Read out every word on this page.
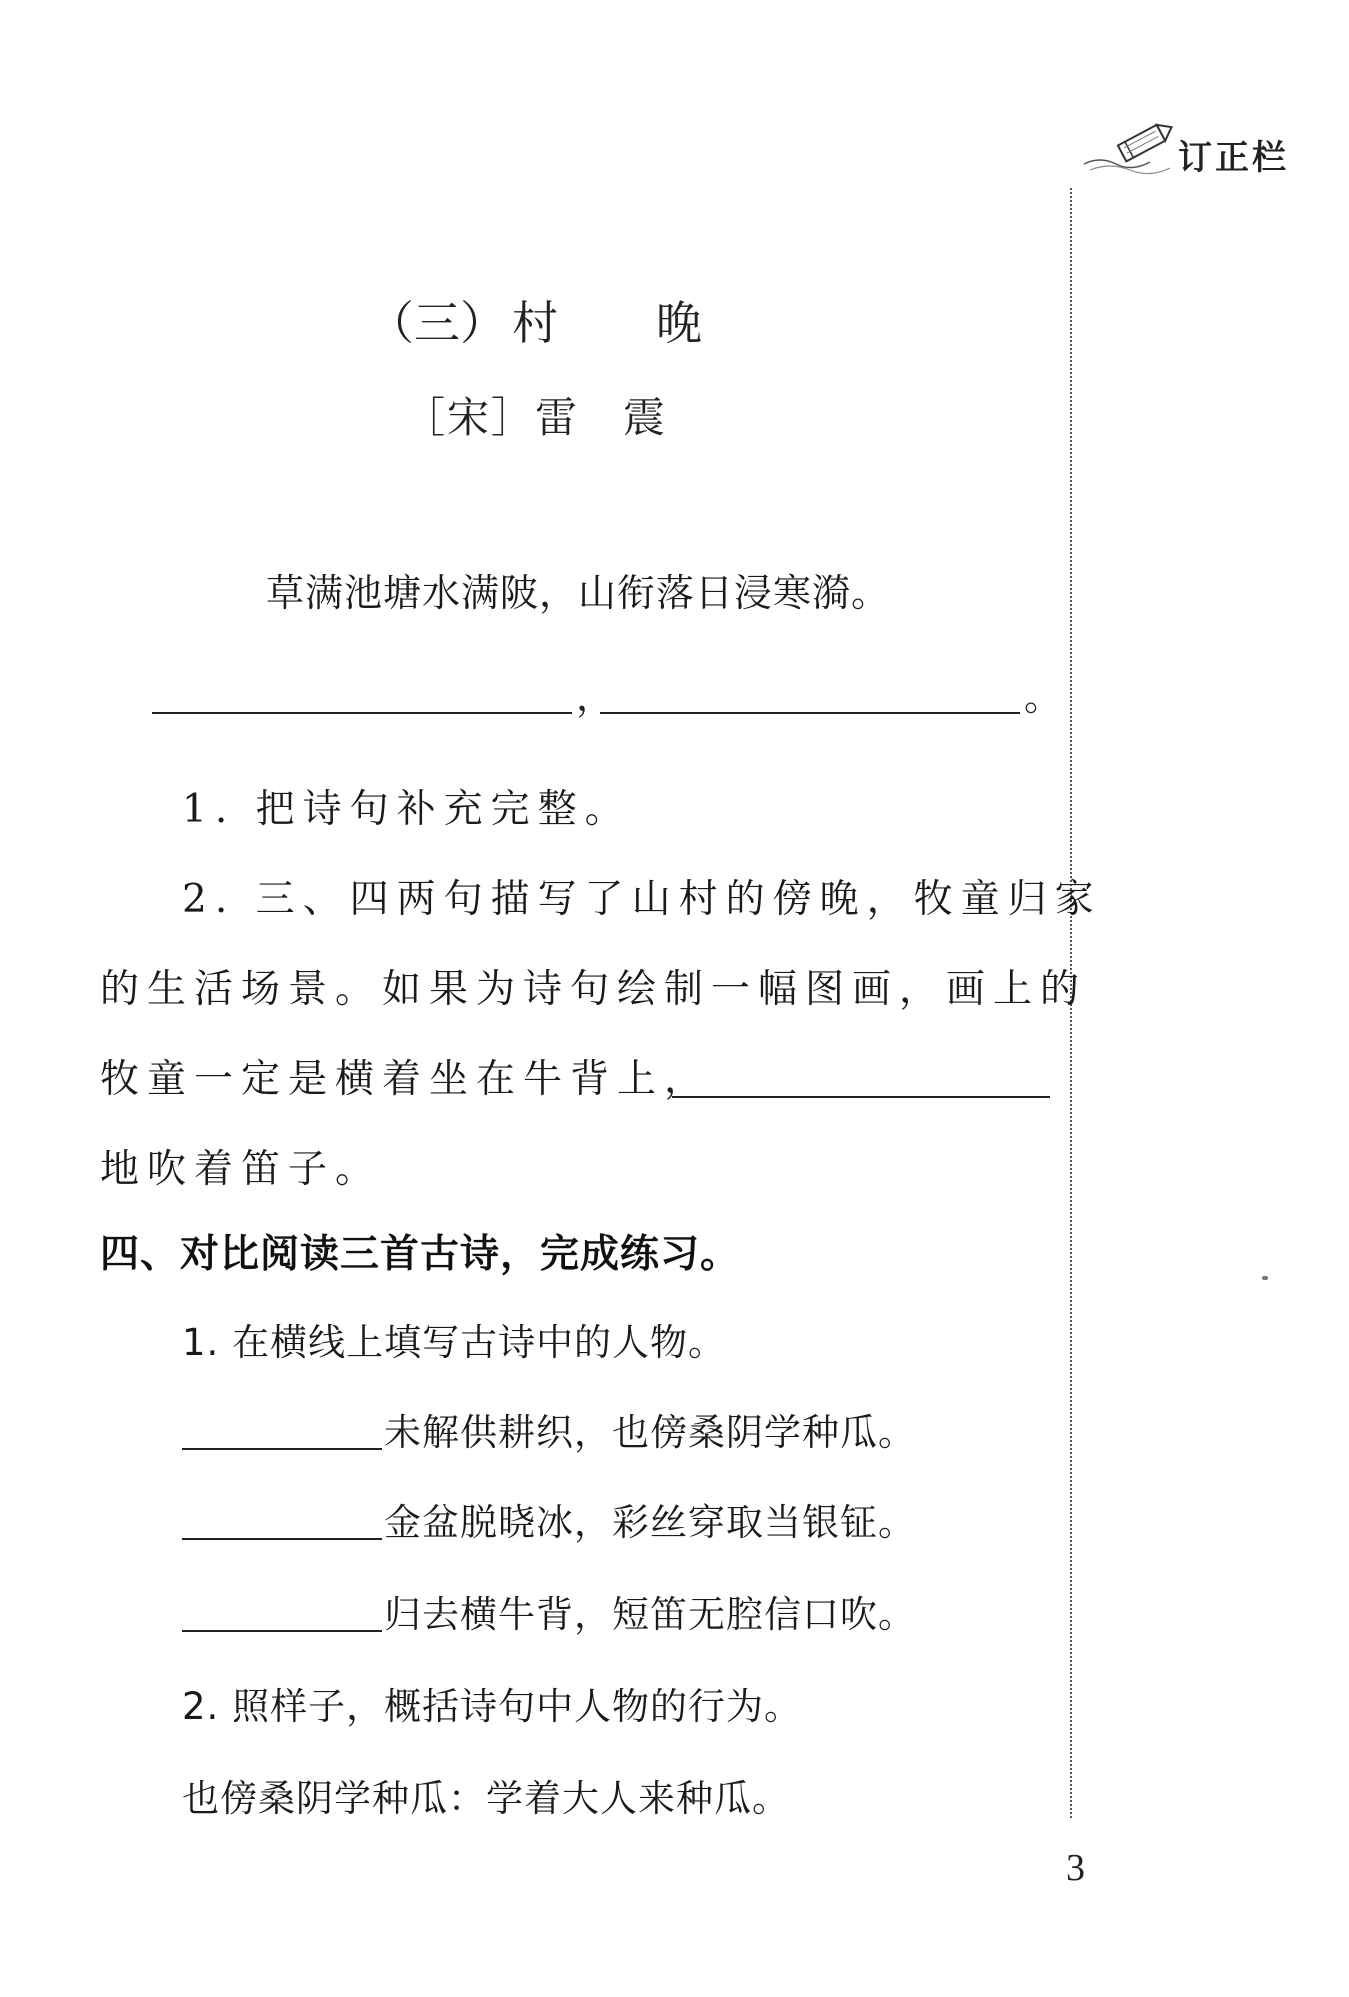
订正栏
（三） 村 晚
［宋］雷 震
草满池塘水满陂，山衔落日浸寒漪。
，	。
1. 把诗句补充完整。
2. 三、四两句描写了山村的傍晚，牧童归家
的生活场景。如果为诗句绘制一幅图画，画上的
牧童一定是横着坐在牛背上，
地吹着笛子。
四、对比阅读三首古诗，完成练习。
1. 在横线上填写古诗中的人物。
未解供耕织，也傍桑阴学种瓜。
金盆脱晓冰，彩丝穿取当银钲。
归去横牛背，短笛无腔信口吹。
2. 照样子，概括诗句中人物的行为。
也傍桑阴学种瓜：学着大人来种瓜。
3
